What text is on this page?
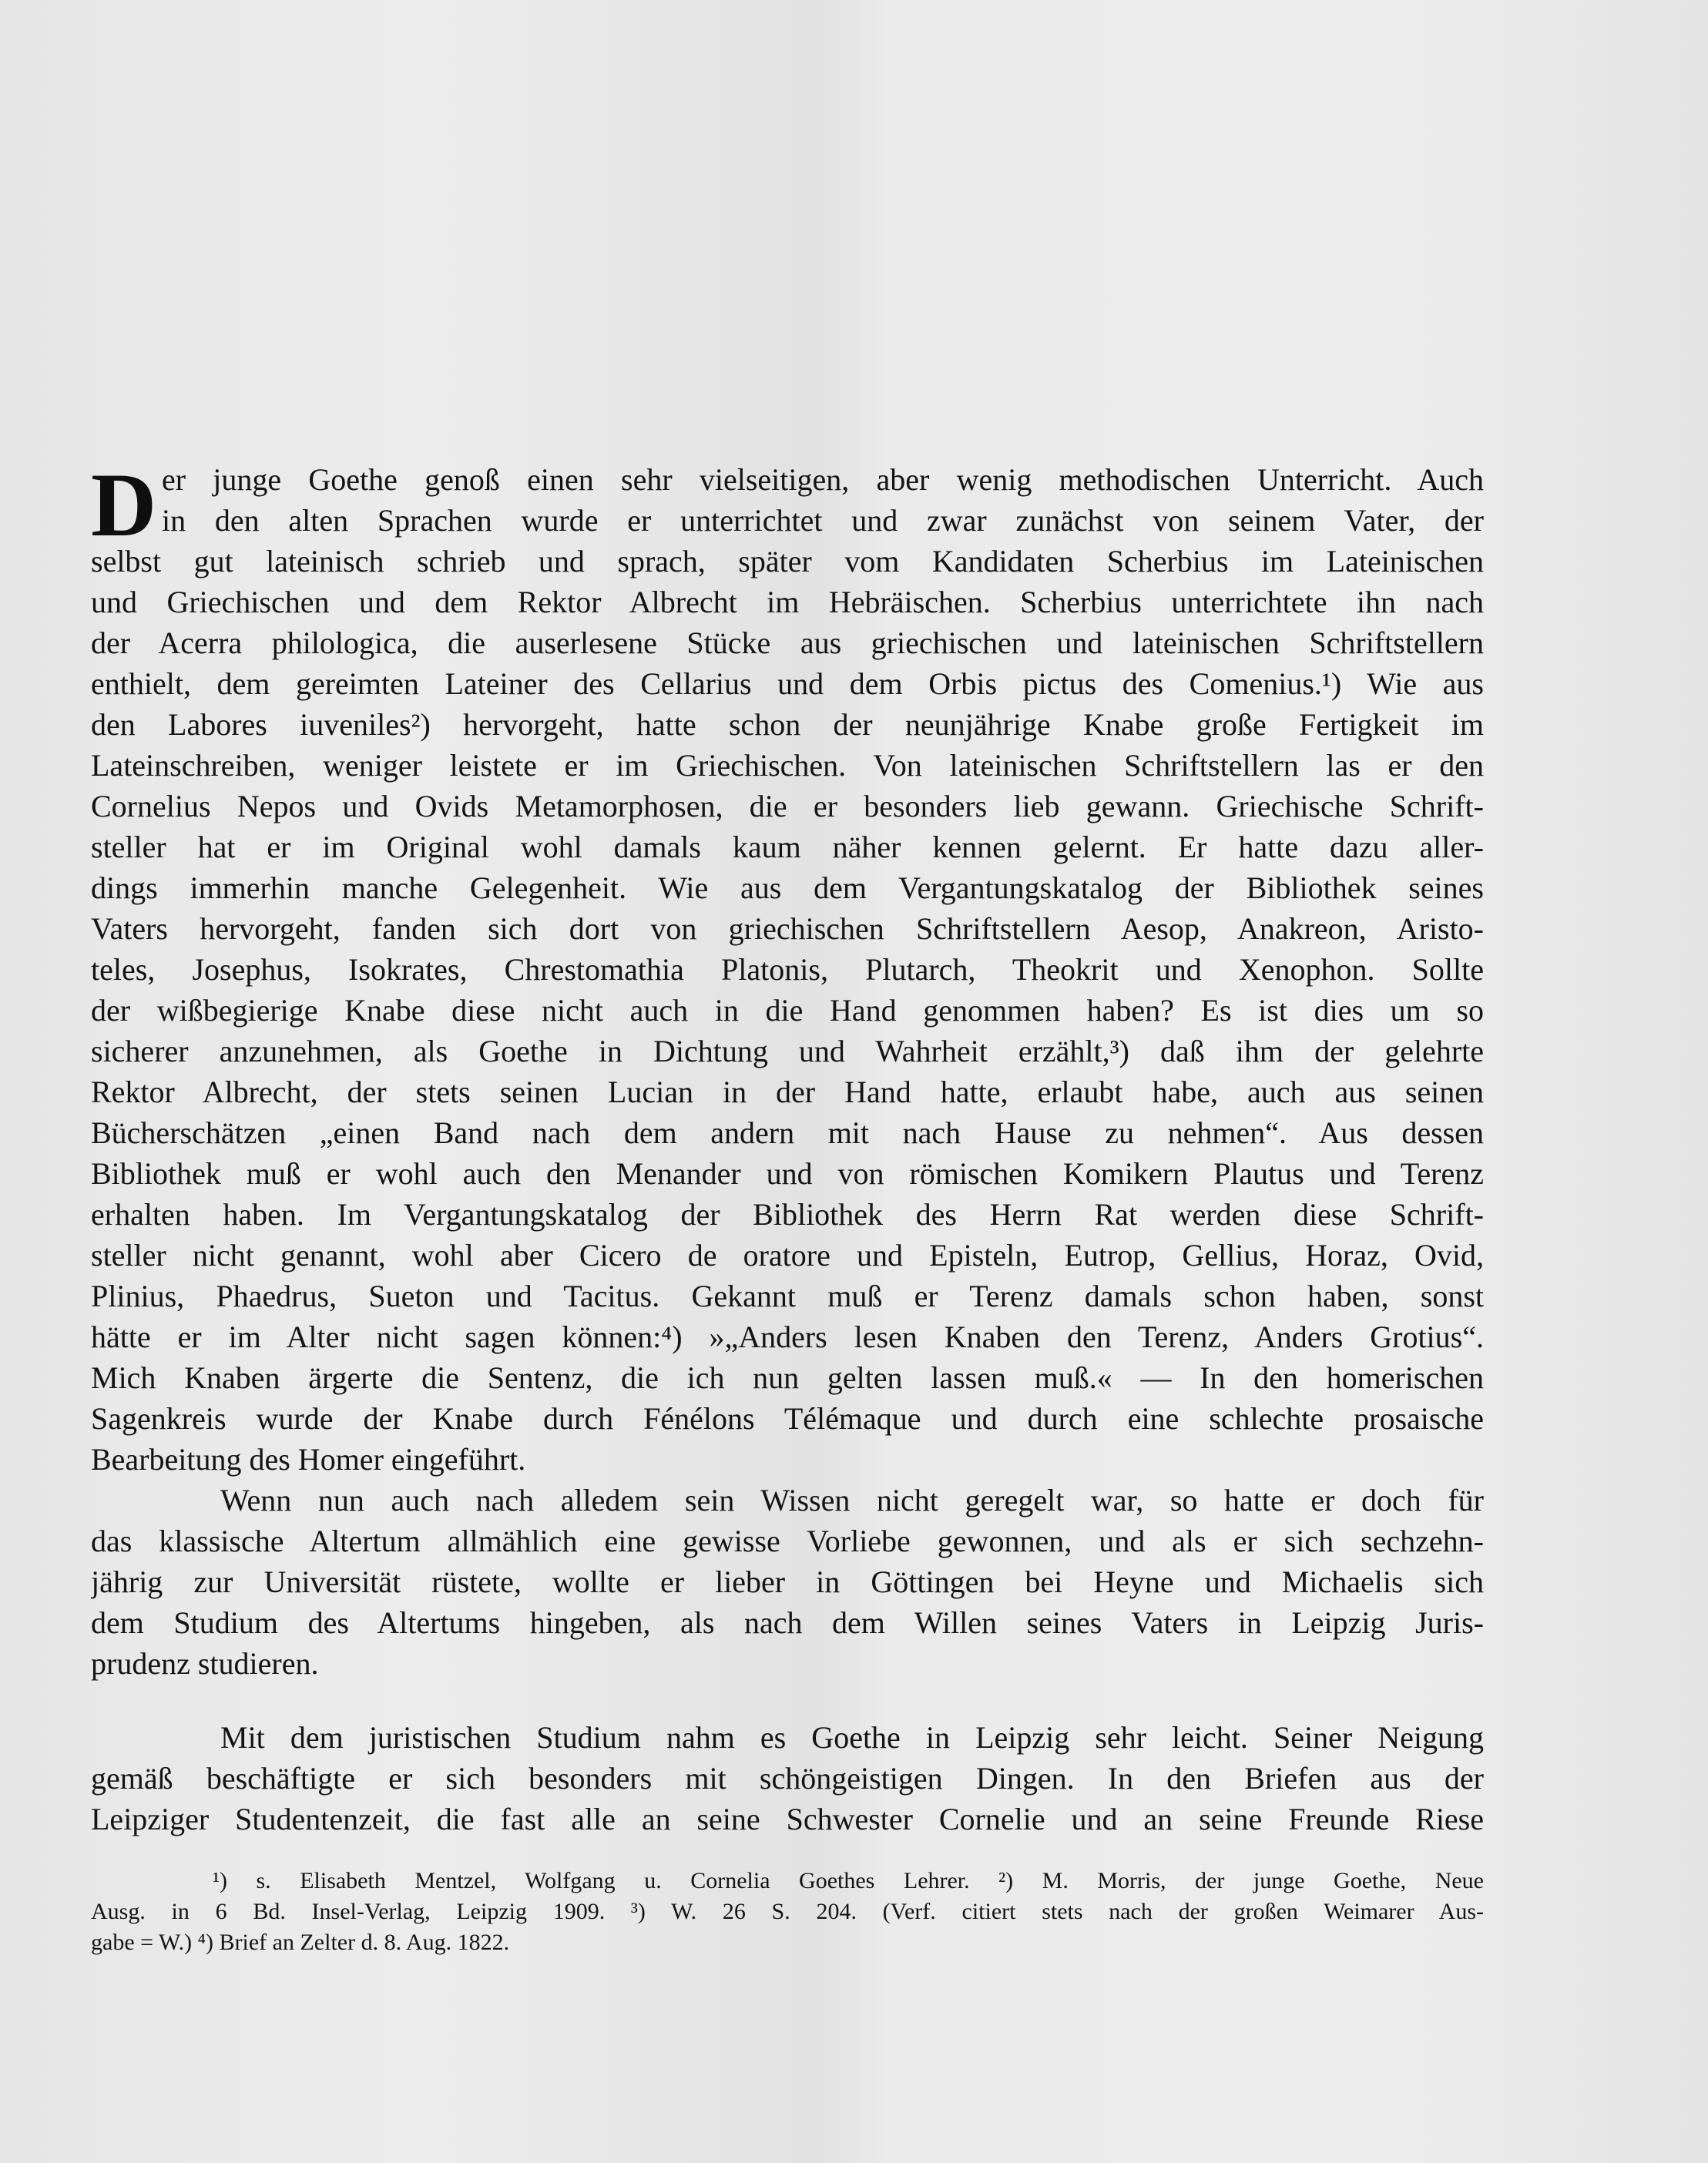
D er junge Goethe genoß einen sehr vielseitigen, aber wenig methodischen Unterricht. Auch
in den alten Sprachen wurde er unterrichtet und zwar zunächst von seinem Vater, der
selbst gut lateinisch schrieb und sprach, später vom Kandidaten Scherbius im Lateinischen
und Griechischen und dem Rektor Albrecht im Hebräischen. Scherbius unterrichtete ihn nach
der Acerra philologica, die auserlesene Stücke aus griechischen und lateinischen Schriftstellern
enthielt, dem gereimten Lateiner des Cellarius und dem Orbis pictus des Comenius.¹) Wie aus
den Labores iuveniles²) hervorgeht, hatte schon der neunjährige Knabe große Fertigkeit im
Lateinschreiben, weniger leistete er im Griechischen. Von lateinischen Schriftstellern las er den
Cornelius Nepos und Ovids Metamorphosen, die er besonders lieb gewann. Griechische Schrift-
steller hat er im Original wohl damals kaum näher kennen gelernt. Er hatte dazu aller-
dings immerhin manche Gelegenheit. Wie aus dem Vergantungskatalog der Bibliothek seines
Vaters hervorgeht, fanden sich dort von griechischen Schriftstellern Aesop, Anakreon, Aristo-
teles, Josephus, Isokrates, Chrestomathia Platonis, Plutarch, Theokrit und Xenophon. Sollte
der wißbegierige Knabe diese nicht auch in die Hand genommen haben? Es ist dies um so
sicherer anzunehmen, als Goethe in Dichtung und Wahrheit erzählt,³) daß ihm der gelehrte
Rektor Albrecht, der stets seinen Lucian in der Hand hatte, erlaubt habe, auch aus seinen
Bücherschätzen „einen Band nach dem andern mit nach Hause zu nehmen“. Aus dessen
Bibliothek muß er wohl auch den Menander und von römischen Komikern Plautus und Terenz
erhalten haben. Im Vergantungskatalog der Bibliothek des Herrn Rat werden diese Schrift-
steller nicht genannt, wohl aber Cicero de oratore und Episteln, Eutrop, Gellius, Horaz, Ovid,
Plinius, Phaedrus, Sueton und Tacitus. Gekannt muß er Terenz damals schon haben, sonst
hätte er im Alter nicht sagen können:⁴) »„Anders lesen Knaben den Terenz, Anders Grotius“.
Mich Knaben ärgerte die Sentenz, die ich nun gelten lassen muß.« — In den homerischen
Sagenkreis wurde der Knabe durch Fénélons Télémaque und durch eine schlechte prosaische
Bearbeitung des Homer eingeführt.
Wenn nun auch nach alledem sein Wissen nicht geregelt war, so hatte er doch für
das klassische Altertum allmählich eine gewisse Vorliebe gewonnen, und als er sich sechzehn-
jährig zur Universität rüstete, wollte er lieber in Göttingen bei Heyne und Michaelis sich
dem Studium des Altertums hingeben, als nach dem Willen seines Vaters in Leipzig Juris-
prudenz studieren.
Mit dem juristischen Studium nahm es Goethe in Leipzig sehr leicht. Seiner Neigung
gemäß beschäftigte er sich besonders mit schöngeistigen Dingen. In den Briefen aus der
Leipziger Studentenzeit, die fast alle an seine Schwester Cornelie und an seine Freunde Riese
¹) s. Elisabeth Mentzel, Wolfgang u. Cornelia Goethes Lehrer. ²) M. Morris, der junge Goethe, Neue
Ausg. in 6 Bd. Insel-Verlag, Leipzig 1909. ³) W. 26 S. 204. (Verf. citiert stets nach der großen Weimarer Aus-
gabe = W.) ⁴) Brief an Zelter d. 8. Aug. 1822.
